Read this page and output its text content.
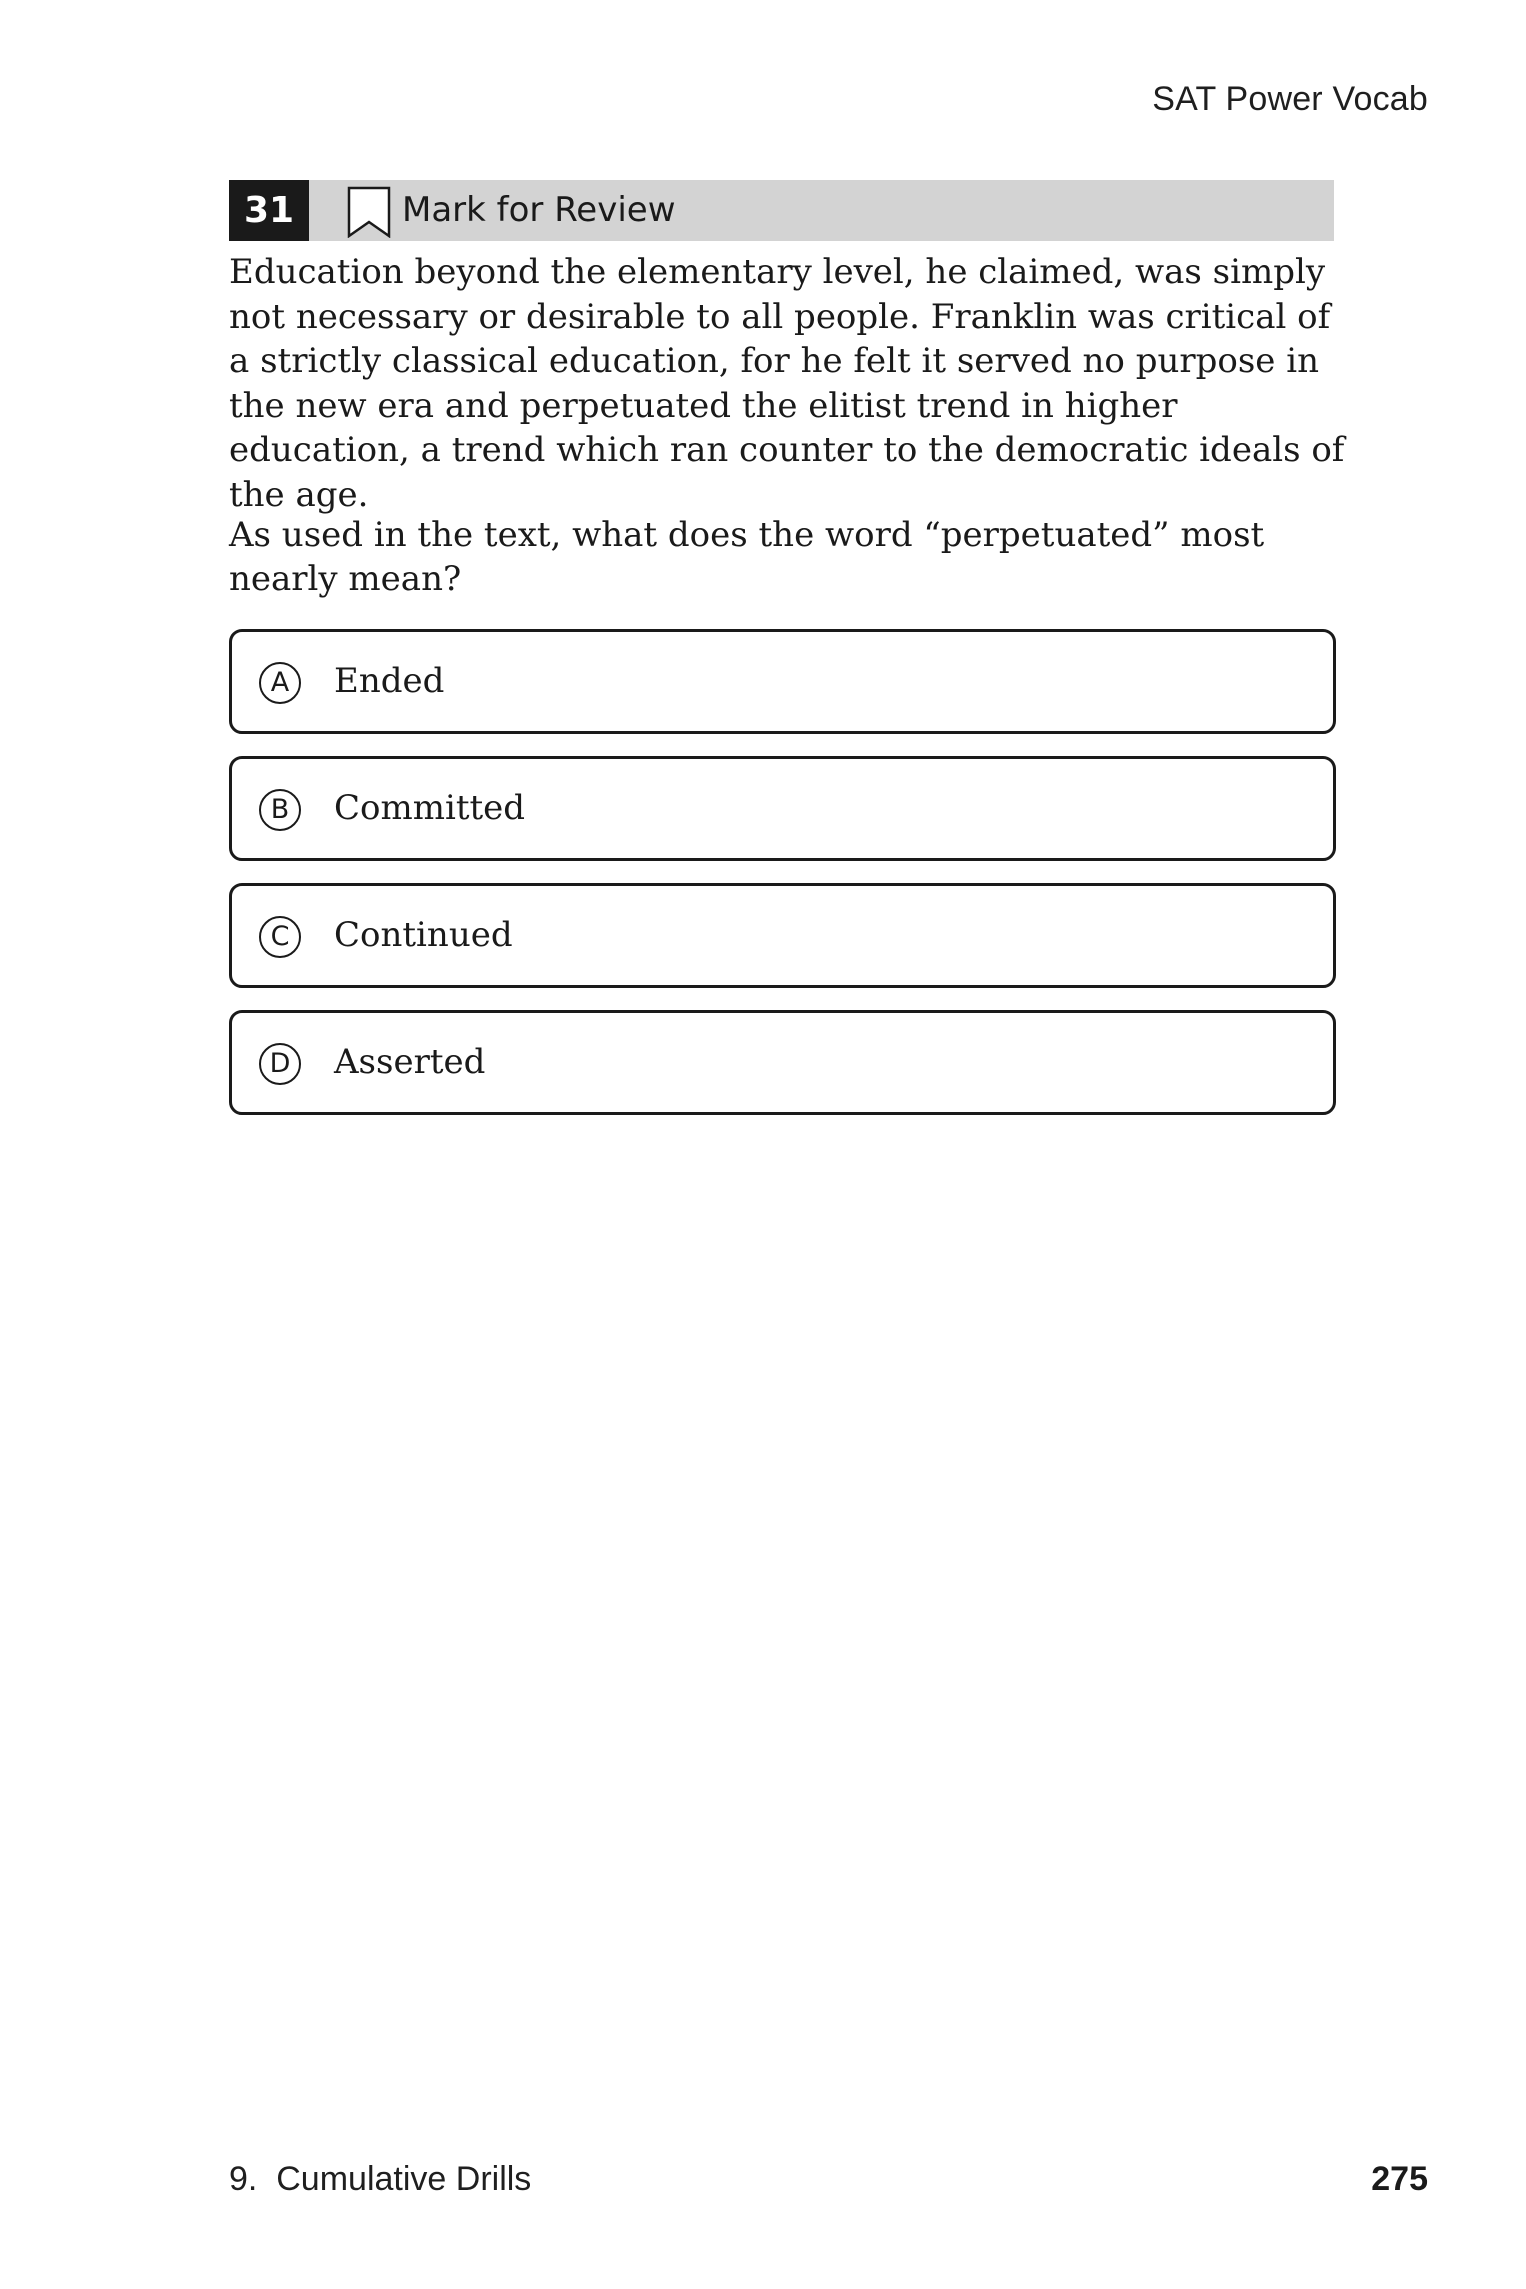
SAT Power Vocab
31	Mark for Review
Education beyond the elementary level, he claimed, was simply not necessary or desirable to all people. Franklin was critical of a strictly classical education, for he felt it served no purpose in the new era and perpetuated the elitist trend in higher education, a trend which ran counter to the democratic ideals of the age.
As used in the text, what does the word “perpetuated” most nearly mean?
A	Ended
B	Committed
C	Continued
D	Asserted
9.  Cumulative Drills	275
